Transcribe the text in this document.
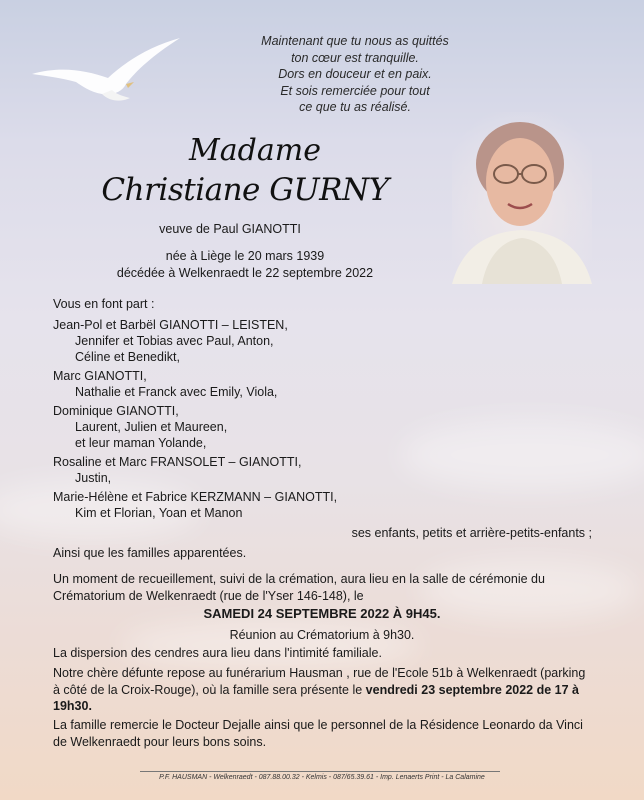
Maintenant que tu nous as quittés
ton cœur est tranquille.
Dors en douceur et en paix.
Et sois remerciée pour tout
ce que tu as réalisé.
Madame
Christiane GURNY
veuve de Paul GIANOTTI
née à Liège le 20 mars 1939
décédée à Welkenraedt le 22 septembre 2022
Vous en font part :
Jean-Pol et Barbël GIANOTTI – LEISTEN,
Jennifer et Tobias avec Paul, Anton,
Céline et Benedikt,
Marc GIANOTTI,
Nathalie et Franck avec Emily, Viola,
Dominique GIANOTTI,
Laurent, Julien et Maureen,
et leur maman Yolande,
Rosaline et Marc FRANSOLET – GIANOTTI,
Justin,
Marie-Hélène et Fabrice KERZMANN – GIANOTTI,
Kim et Florian, Yoan et Manon
ses enfants, petits et arrière-petits-enfants ;
Ainsi que les familles apparentées.
Un moment de recueillement, suivi de la crémation, aura lieu en la salle de cérémonie du Crématorium de Welkenraedt (rue de l'Yser 146-148), le
SAMEDI 24 SEPTEMBRE 2022 À 9H45.
Réunion au Crématorium à 9h30.
La dispersion des cendres aura lieu dans l'intimité familiale.
Notre chère défunte repose au funérarium Hausman , rue de l'Ecole 51b à Welkenraedt (parking à côté de la Croix-Rouge), où la famille sera présente le vendredi 23 septembre 2022 de 17 à 19h30.
La famille remercie le Docteur Dejalle ainsi que le personnel de la Résidence Leonardo da Vinci de Welkenraedt pour leurs bons soins.
P.F. HAUSMAN - Welkenraedt - 087.88.00.32 - Kelmis - 087/65.39.61 - Imp. Lenaerts Print - La Calamine
